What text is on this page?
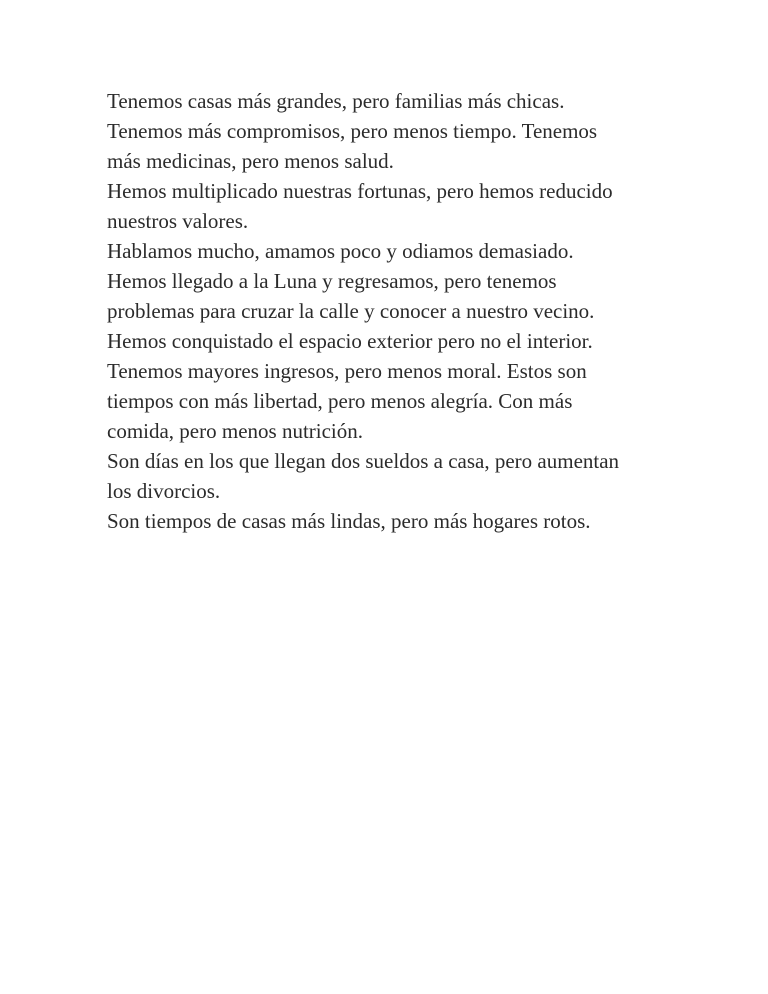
Tenemos casas más grandes, pero familias más chicas.

Tenemos más compromisos, pero menos tiempo. Tenemos
más medicinas, pero menos salud.

Hemos multiplicado nuestras fortunas, pero hemos reducido
nuestros valores.

Hablamos mucho, amamos poco y odiamos demasiado.

Hemos llegado a la Luna y regresamos, pero tenemos
problemas para cruzar la calle y conocer a nuestro vecino.

Hemos conquistado el espacio exterior pero no el interior.

Tenemos mayores ingresos, pero menos moral. Estos son
tiempos con más libertad, pero menos alegría. Con más
comida, pero menos nutrición.

Son días en los que llegan dos sueldos a casa, pero aumentan
los divorcios.

Son tiempos de casas más lindas, pero más hogares rotos.
